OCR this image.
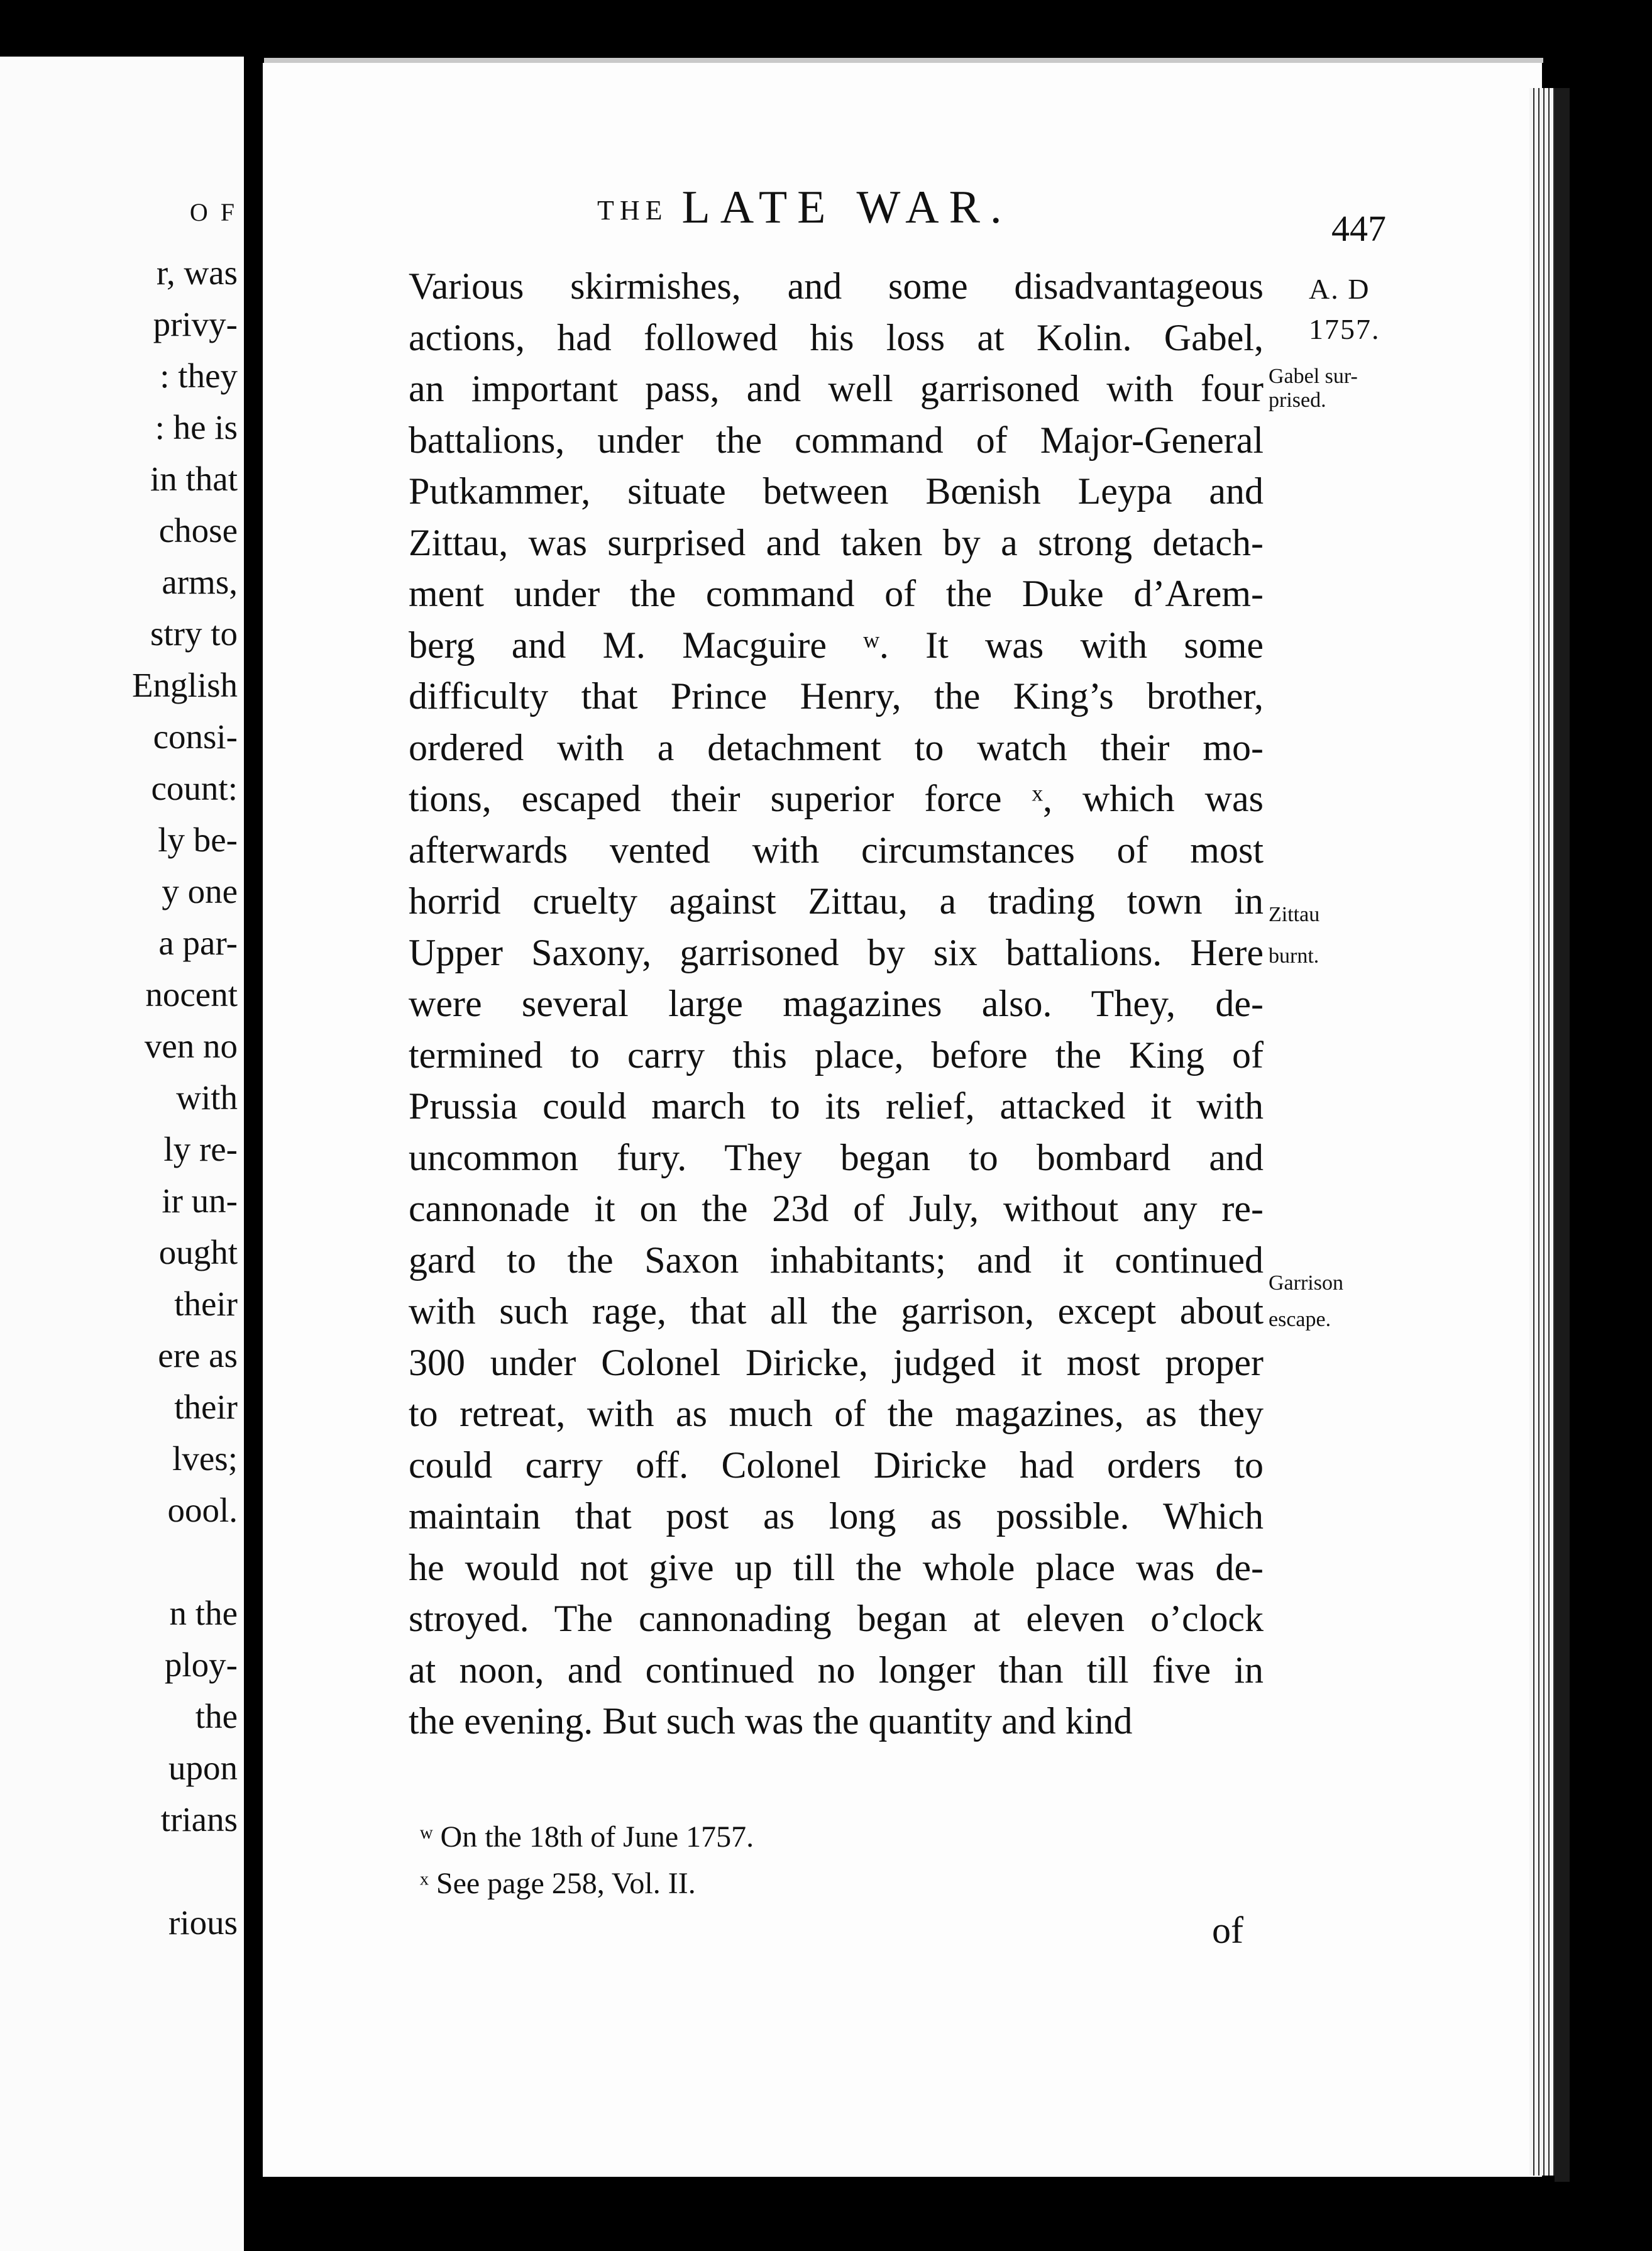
O F
r, was
privy-
: they
: he is
in that
chose
arms,
stry to
English
consi-
count:
ly be-
y one
a par-
nocent
ven no
with
ly re-
ir un-
ought
their
ere as
their
lves;
oool.
n the
ploy-
the
upon
trians
rious
THE LATE WAR.	447
A. D
1757.
Gabel sur-
prised.
Zittau
burnt.
Garrison
escape.
Various skirmishes, and some disadvantageous
actions, had followed his loss at Kolin. Gabel,
an important pass, and well garrisoned with four
battalions, under the command of Major-General
Putkammer, situate between Bœnish Leypa and
Zittau, was surprised and taken by a strong detach-
ment under the command of the Duke d’Arem-
berg and M. Macguire ʷ. It was with some
difficulty that Prince Henry, the King’s brother,
ordered with a detachment to watch their mo-
tions, escaped their superior force ˣ, which was
afterwards vented with circumstances of most
horrid cruelty against Zittau, a trading town in
Upper Saxony, garrisoned by six battalions. Here
were several large magazines also. They, de-
termined to carry this place, before the King of
Prussia could march to its relief, attacked it with
uncommon fury. They began to bombard and
cannonade it on the 23d of July, without any re-
gard to the Saxon inhabitants; and it continued
with such rage, that all the garrison, except about
300 under Colonel Diricke, judged it most proper
to retreat, with as much of the magazines, as they
could carry off. Colonel Diricke had orders to
maintain that post as long as possible. Which
he would not give up till the whole place was de-
stroyed. The cannonading began at eleven o’clock
at noon, and continued no longer than till five in
the evening. But such was the quantity and kind
ʷ On the 18th of June 1757.
ˣ See page 258, Vol. II.
of
